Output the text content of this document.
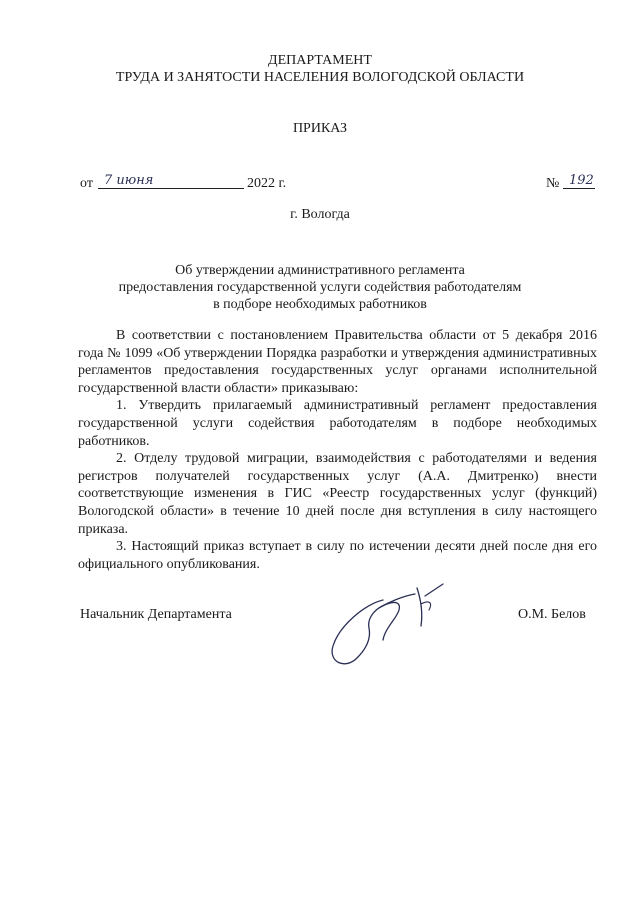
ДЕПАРТАМЕНТ
ТРУДА И ЗАНЯТОСТИ НАСЕЛЕНИЯ ВОЛОГОДСКОЙ ОБЛАСТИ
ПРИКАЗ
от 7 июня	2022 г.	№ 192
г. Вологда
Об утверждении административного регламента
предоставления государственной услуги содействия работодателям
в подборе необходимых работников

В соответствии с постановлением Правительства области от 5 декабря 2016 года № 1099 «Об утверждении Порядка разработки и утверждения административных регламентов предоставления государственных услуг органами исполнительной государственной власти области» приказываю:

1. Утвердить прилагаемый административный регламент предоставления государственной услуги содействия работодателям в подборе необходимых работников.

2. Отделу трудовой миграции, взаимодействия с работодателями и ведения регистров получателей государственных услуг (А.А. Дмитренко) внести соответствующие изменения в ГИС «Реестр государственных услуг (функций) Вологодской области» в течение 10 дней после дня вступления в силу настоящего приказа.

3. Настоящий приказ вступает в силу по истечении десяти дней после дня его официального опубликования.

Начальник Департамента	О.М. Белов
